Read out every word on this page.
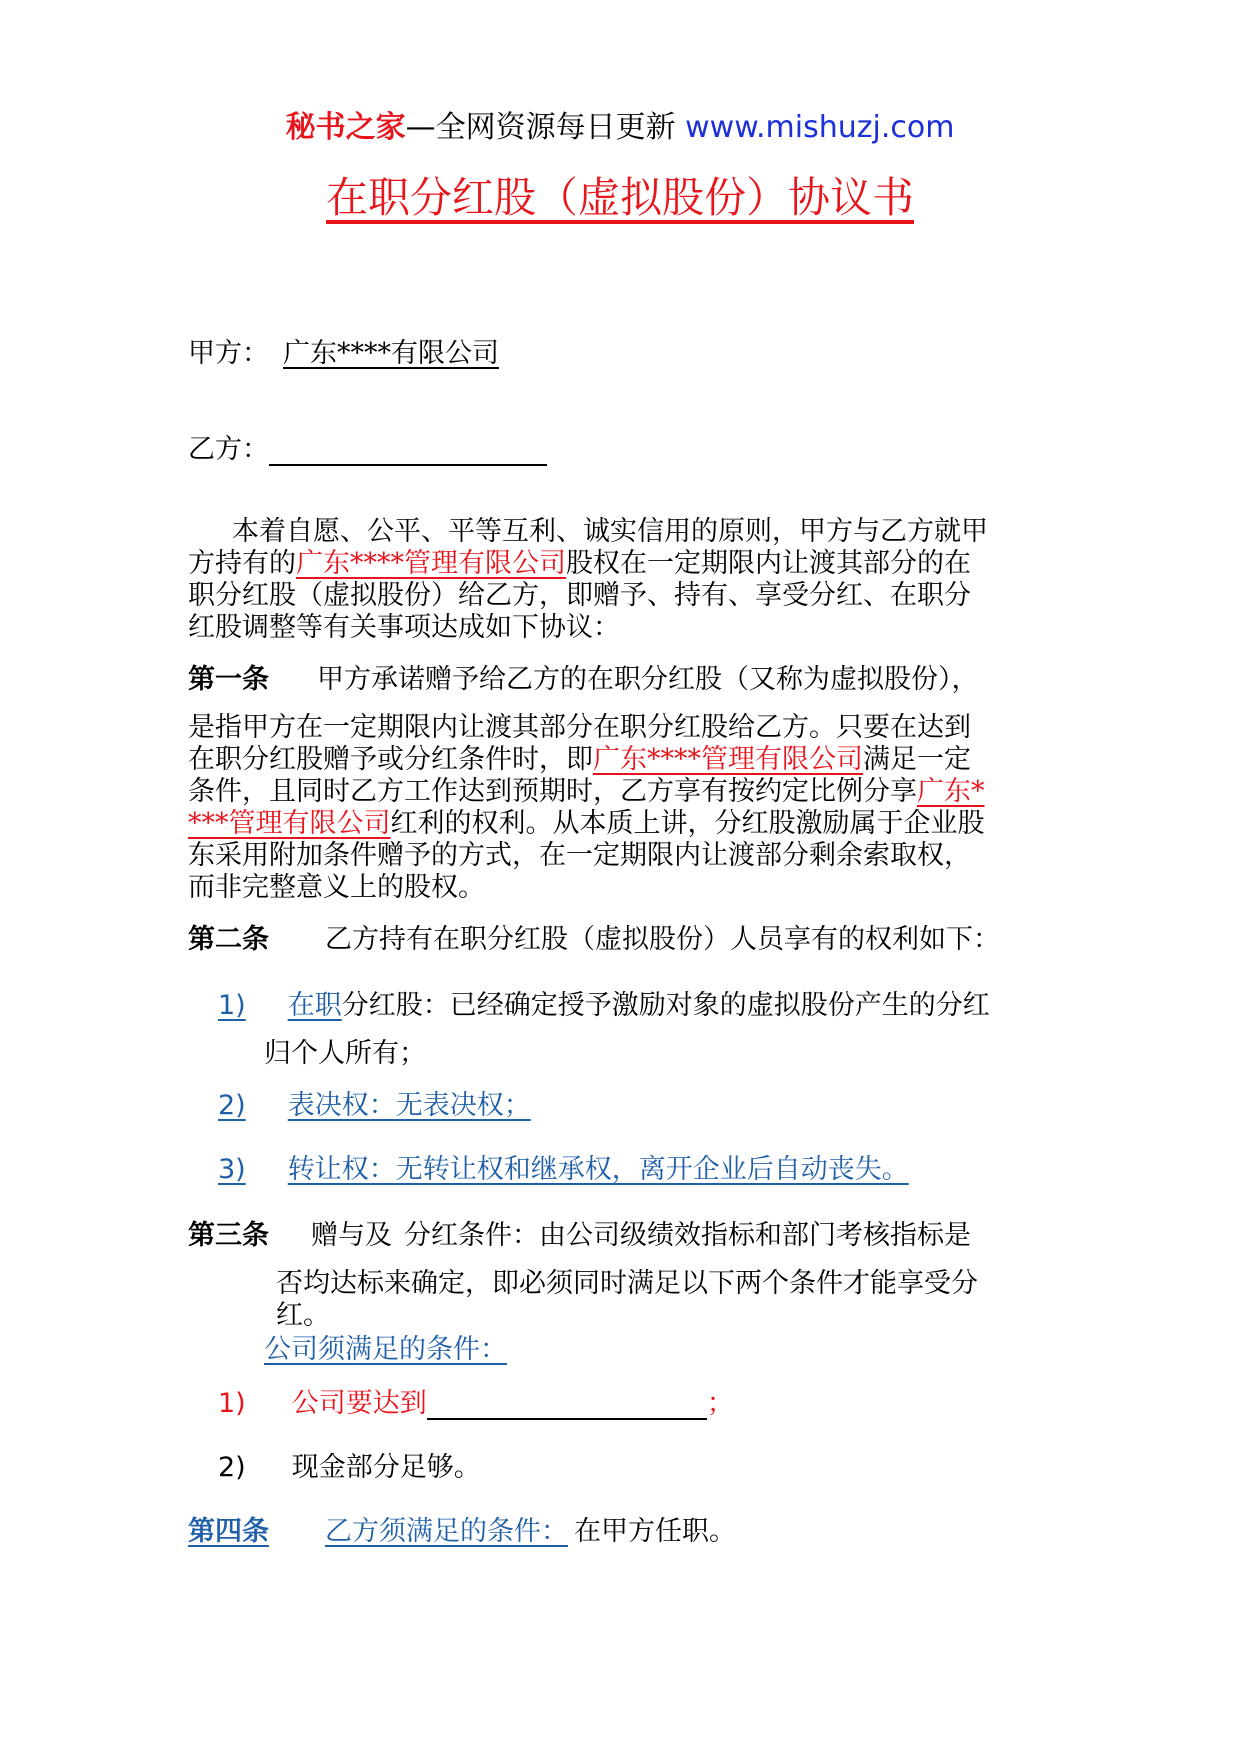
秘书之家—全网资源每日更新 www.mishuzj.com
在职分红股（虚拟股份）协议书
甲方： 广东****有限公司
乙方：
本着自愿、公平、平等互利、诚实信用的原则，甲方与乙方就甲
方持有的广东****管理有限公司股权在一定期限内让渡其部分的在
职分红股（虚拟股份）给乙方，即赠予、持有、享受分红、在职分
红股调整等有关事项达成如下协议：
第一条 甲方承诺赠予给乙方的在职分红股（又称为虚拟股份），
是指甲方在一定期限内让渡其部分在职分红股给乙方。只要在达到
在职分红股赠予或分红条件时，即广东****管理有限公司满足一定
条件，且同时乙方工作达到预期时，乙方享有按约定比例分享广东*
***管理有限公司红利的权利。从本质上讲，分红股激励属于企业股
东采用附加条件赠予的方式，在一定期限内让渡部分剩余索取权，
而非完整意义上的股权。
第二条 乙方持有在职分红股（虚拟股份）人员享有的权利如下：
1) 在职分红股：已经确定授予激励对象的虚拟股份产生的分红
归个人所有；
2) 表决权：无表决权；
3) 转让权：无转让权和继承权，离开企业后自动丧失。
第三条 赠与及 分红条件：由公司级绩效指标和部门考核指标是
否均达标来确定，即必须同时满足以下两个条件才能享受分
红。
公司须满足的条件：
1) 公司要达到	；
2) 现金部分足够。
第四条 乙方须满足的条件： 在甲方任职。
